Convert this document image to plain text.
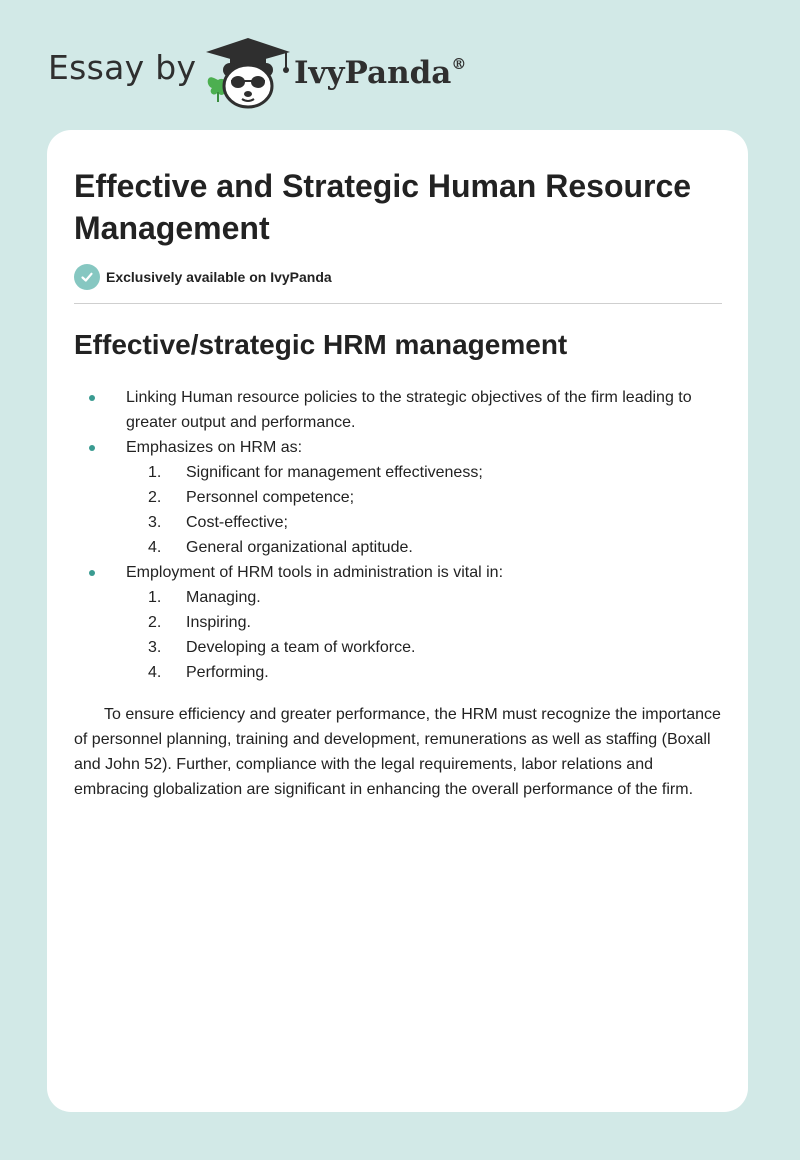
Essay by	IvyPanda®
Effective and Strategic Human Resource Management
Exclusively available on IvyPanda
Effective/strategic HRM management
Linking Human resource policies to the strategic objectives of the firm leading to greater output and performance.
Emphasizes on HRM as:
1. Significant for management effectiveness;
2. Personnel competence;
3. Cost-effective;
4. General organizational aptitude.
Employment of HRM tools in administration is vital in:
1. Managing.
2. Inspiring.
3. Developing a team of workforce.
4. Performing.

To ensure efficiency and greater performance, the HRM must recognize the importance of personnel planning, training and development, remunerations as well as staffing (Boxall and John 52). Further, compliance with the legal requirements, labor relations and embracing globalization are significant in enhancing the overall performance of the firm.
